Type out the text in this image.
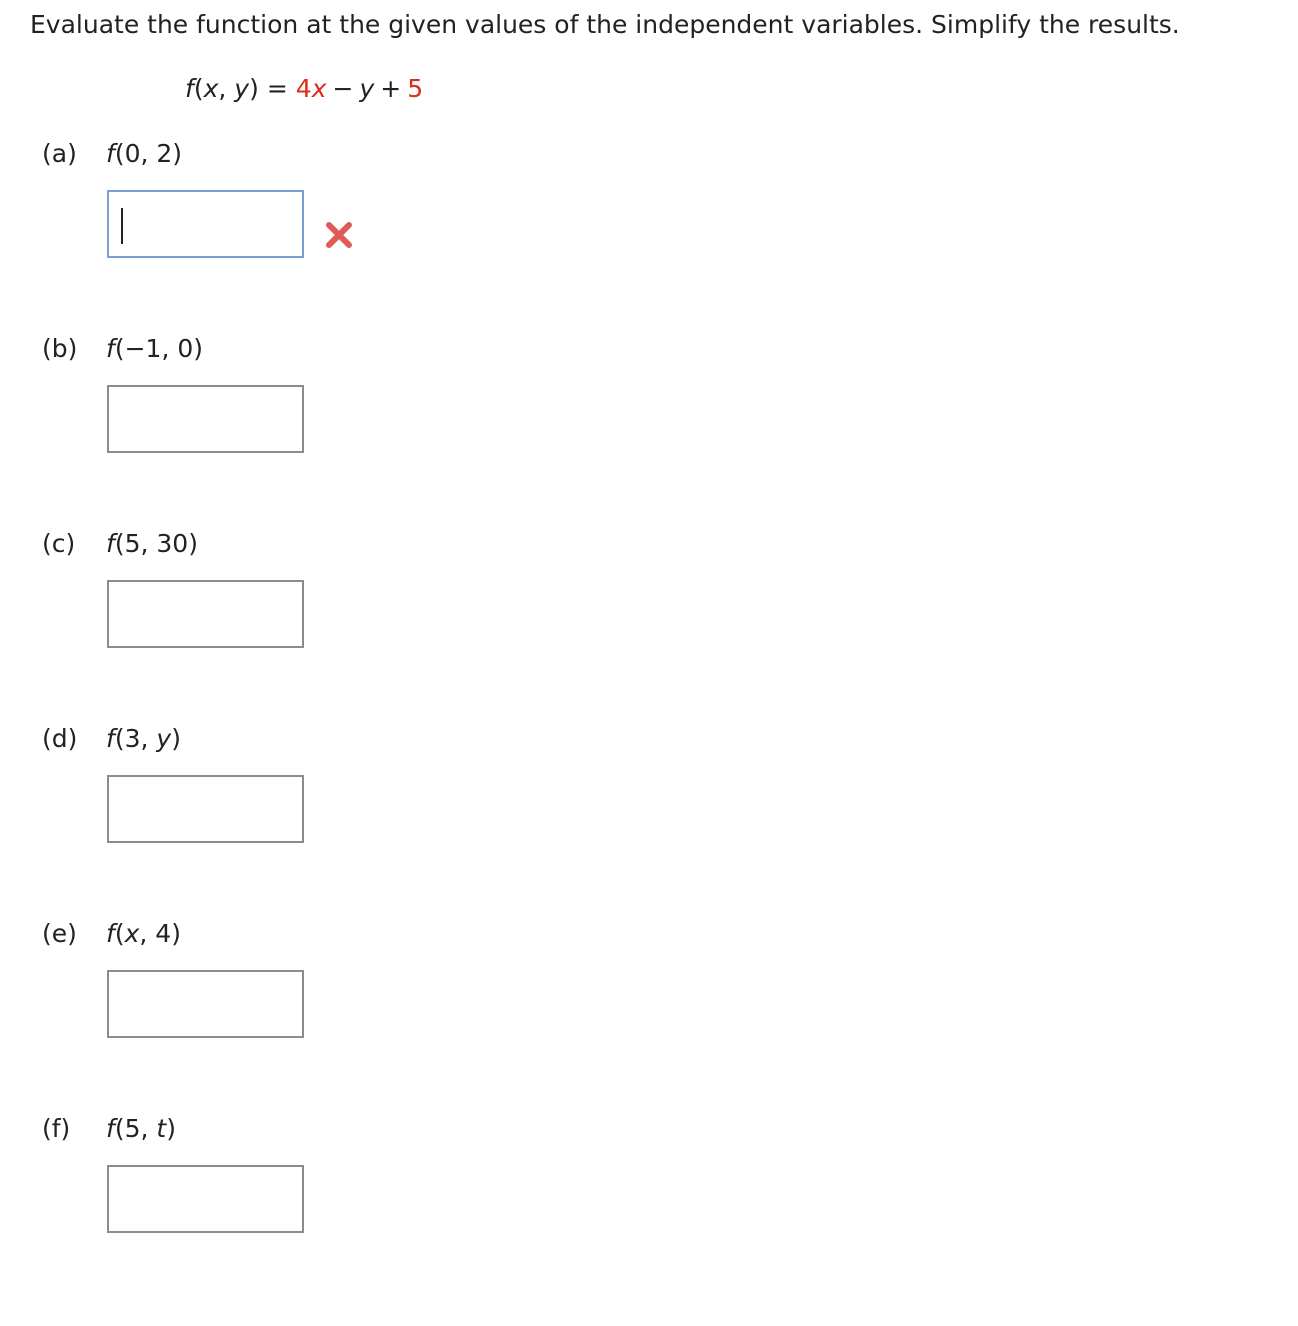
Evaluate the function at the given values of the independent variables. Simplify the results.
f(x, y) = 4x − y + 5
(a) f(0, 2)
(b) f(−1, 0)
(c) f(5, 30)
(d) f(3, y)
(e) f(x, 4)
(f) f(5, t)
